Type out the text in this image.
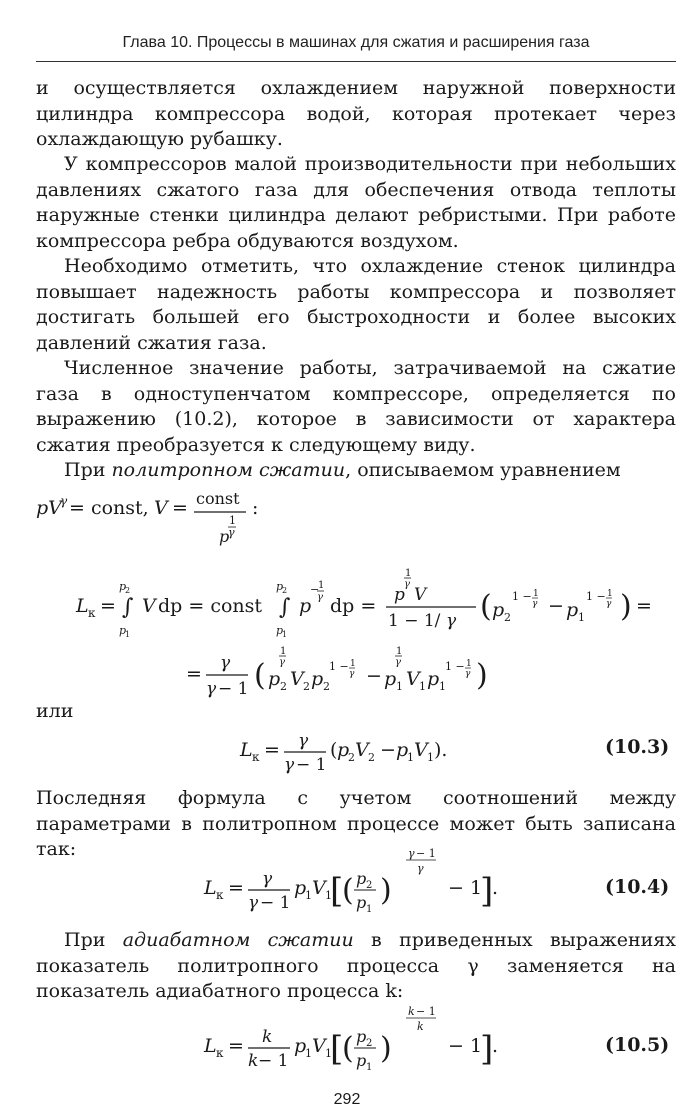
Глава 10. Процессы в машинах для сжатия и расширения газа

и осуществляется охлаждением наружной поверхности цилиндра компрессора водой, которая протекает через охлаждающую рубашку.

У компрессоров малой производительности при небольших давлениях сжатого газа для обеспечения отвода теплоты наружные стенки цилиндра делают ребристыми. При работе компрессора ребра обдуваются воздухом.

Необходимо отметить, что охлаждение стенок цилиндра повышает надежность работы компрессора и позволяет достигать большей его быстроходности и более высоких давлений сжатия газа.

Численное значение работы, затрачиваемой на сжатие газа в одноступенчатом компрессоре, определяется по выражению (10.2), которое в зависимости от характера сжатия преобразуется к следующему виду.

При политропном сжатии, описываемом уравнением

pV
γ = const, V = const
p
1
γ
:
L к =
p
2
∫
p
1
V dp = const
p
2
∫
p
1
p
−
1
γ dp =
1
γ
p V
1 − 1/ γ ( p 2
1 − 1
γ − p 1
1 − 1
γ ) =
= γ
γ − 1 ( p 2
1
γ
V 2 p 2
1 − 1
γ − p 1
1
γ
V 1 p 1
1 − 1
γ )
или
L к = γ
γ − 1
( p
2 V 2 − p
1 V 1 ).	(10.3)

Последняя формула с учетом соотношений между параметрами в политропном процессе может быть записана так:

L к = γ
γ − 1
p
1 V 1
[
( p 2
p 1
)
γ − 1
γ
− 1
]
.	(10.4)

При адиабатном сжатии в приведенных выражениях показатель политропного процесса γ заменяется на показатель адиабатного процесса k:

L к = k
k − 1
p
1 V 1
[
( p 2
p 1
)
k − 1
k
− 1
]
.	(10.5)
292
